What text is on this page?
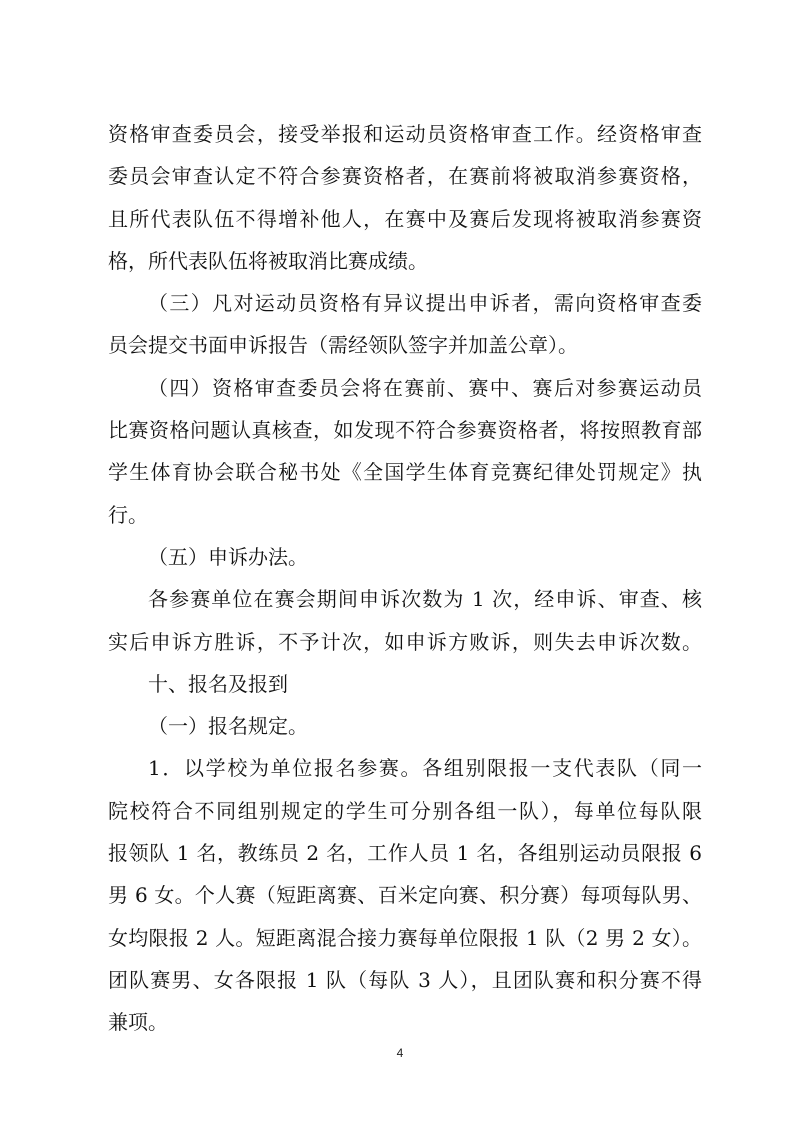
资格审查委员会，接受举报和运动员资格审查工作。经资格审查
委员会审查认定不符合参赛资格者，在赛前将被取消参赛资格，
且所代表队伍不得增补他人，在赛中及赛后发现将被取消参赛资
格，所代表队伍将被取消比赛成绩。
（三）凡对运动员资格有异议提出申诉者，需向资格审查委
员会提交书面申诉报告（需经领队签字并加盖公章）。
（四）资格审查委员会将在赛前、赛中、赛后对参赛运动员
比赛资格问题认真核查，如发现不符合参赛资格者，将按照教育部
学生体育协会联合秘书处《全国学生体育竞赛纪律处罚规定》执
行。
（五）申诉办法。
各参赛单位在赛会期间申诉次数为 1 次，经申诉、审查、核
实后申诉方胜诉，不予计次，如申诉方败诉，则失去申诉次数。
十、报名及报到
（一）报名规定。
1．以学校为单位报名参赛。各组别限报一支代表队（同一
院校符合不同组别规定的学生可分别各组一队），每单位每队限
报领队 1 名，教练员 2 名，工作人员 1 名，各组别运动员限报 6
男 6 女。个人赛（短距离赛、百米定向赛、积分赛）每项每队男、
女均限报 2 人。短距离混合接力赛每单位限报 1 队（2 男 2 女）。
团队赛男、女各限报 1 队（每队 3 人），且团队赛和积分赛不得
兼项。
4
